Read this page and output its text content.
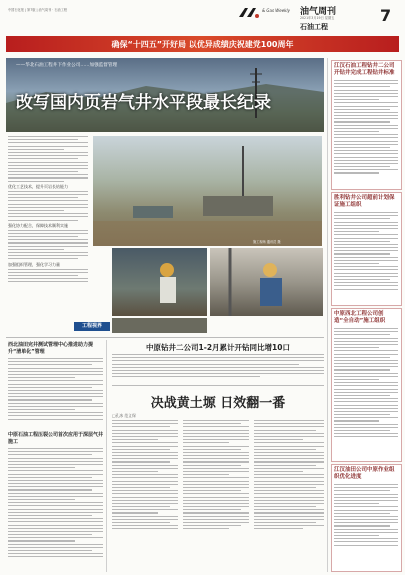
中国石化报 | 第7版 | 油气周刊 · 石油工程	& Gas Weekly 油气周刊
2021年3月19日 星期五
石油工程
7
确保“十四五”开好局 以优异成绩庆祝建党100周年
——华北石油工程井下作业公司……加强监督管理
改写国内页岩气井水平段最长纪录
优化工艺技术，提升页岩长钻能力
强化协力配合，保障技术顺利实施
加强组织管理，强化学习力量
施工现场 通讯员 摄
工程视界
西北油田完井测试管理中心推进助力提升“清单化”管理
中原石油工程压裂公司首次应用于深层气井施工
中原钻井二公司1-2月累计开钻同比增10口
决战黄土塬 日效翻一番
□孔冰 范义保
江汉石油工程钻井二公司开钻井完成工程钻井标准
胜利钻井公司超前计划保证施工组织
中原西北工程公司创造“全自动”施工组织
江汉油田公司中原作业组织优化进度
